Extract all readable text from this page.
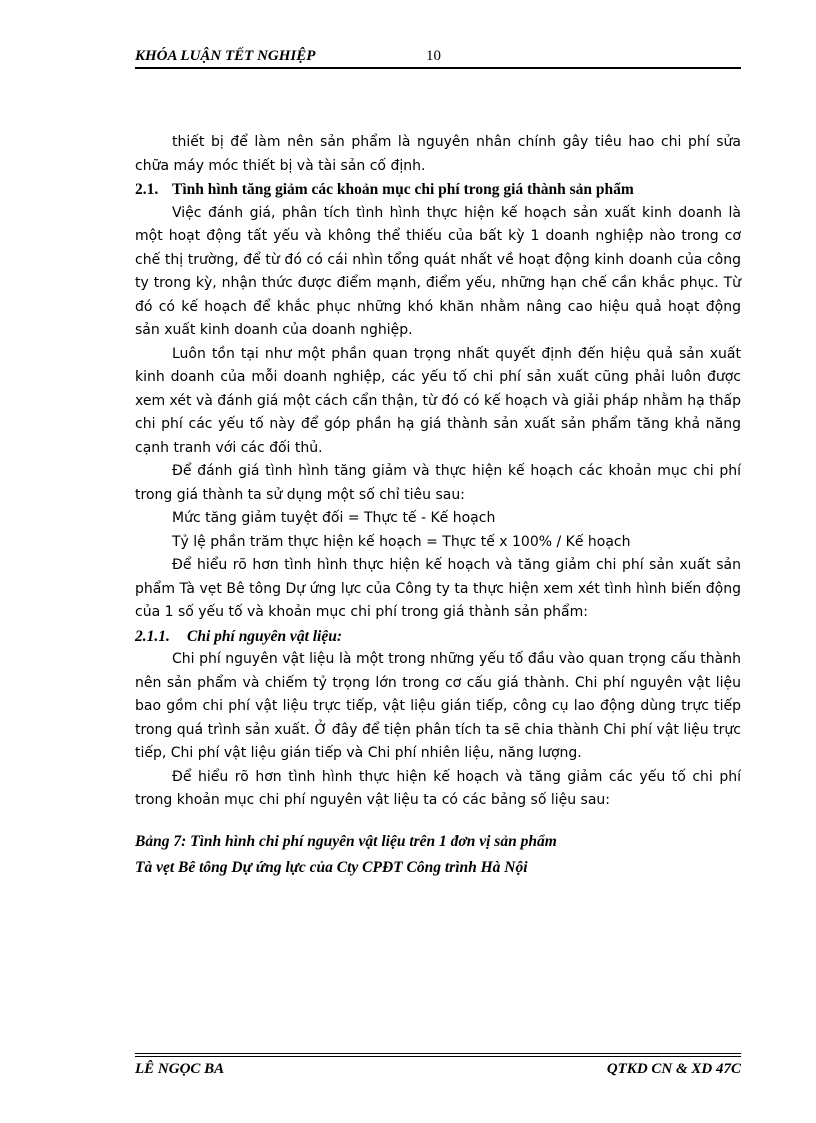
KHÓA LUẬN TẾT NGHIỆP	10

thiết bị để làm nên sản phẩm là nguyên nhân chính gây tiêu hao chi phí sửa chữa máy móc thiết bị và tài sản cố định.

2.1. Tình hình tăng giảm các khoản mục chi phí trong giá thành sản phẩm

Việc đánh giá, phân tích tình hình thực hiện kế hoạch sản xuất kinh doanh là một hoạt động tất yếu và không thể thiếu của bất kỳ 1 doanh nghiệp nào trong cơ chế thị trường, để từ đó có cái nhìn tổng quát nhất về hoạt động kinh doanh của công ty trong kỳ, nhận thức được điểm mạnh, điểm yếu, những hạn chế cần khắc phục. Từ đó có kế hoạch để khắc phục những khó khăn nhằm nâng cao hiệu quả hoạt động sản xuất kinh doanh của doanh nghiệp.

Luôn tồn tại như một phần quan trọng nhất quyết định đến hiệu quả sản xuất kinh doanh của mỗi doanh nghiệp, các yếu tố chi phí sản xuất cũng phải luôn được xem xét và đánh giá một cách cẩn thận, từ đó có kế hoạch và giải pháp nhằm hạ thấp chi phí các yếu tố này để góp phần hạ giá thành sản xuất sản phẩm tăng khả năng cạnh tranh với các đối thủ.

Để đánh giá tình hình tăng giảm và thực hiện kế hoạch các khoản mục chi phí trong giá thành ta sử dụng một số chỉ tiêu sau:

Mức tăng giảm tuyệt đối = Thực tế - Kế hoạch

Tỷ lệ phần trăm thực hiện kế hoạch = Thực tế x 100% / Kế hoạch

Để hiểu rõ hơn tình hình thực hiện kế hoạch và tăng giảm chi phí sản xuất sản phẩm Tà vẹt Bê tông Dự ứng lực của Công ty ta thực hiện xem xét tình hình biến động của 1 số yếu tố và khoản mục chi phí trong giá thành sản phẩm:

2.1.1. Chi phí nguyên vật liệu:

Chi phí nguyên vật liệu là một trong những yếu tố đầu vào quan trọng cấu thành nên sản phẩm và chiếm tỷ trọng lớn trong cơ cấu giá thành. Chi phí nguyên vật liệu bao gồm chi phí vật liệu trực tiếp, vật liệu gián tiếp, công cụ lao động dùng trực tiếp trong quá trình sản xuất. Ở đây để tiện phân tích ta sẽ chia thành Chi phí vật liệu trực tiếp, Chi phí vật liệu gián tiếp và Chi phí nhiên liệu, năng lượng.

Để hiểu rõ hơn tình hình thực hiện kế hoạch và tăng giảm các yếu tố chi phí trong khoản mục chi phí nguyên vật liệu ta có các bảng số liệu sau:

Bảng 7: Tình hình chi phí nguyên vật liệu trên 1 đơn vị sản phẩm

Tà vẹt Bê tông Dự ứng lực của Cty CPĐT Công trình Hà Nội

LÊ NGỌC BA	QTKD CN & XD 47C
